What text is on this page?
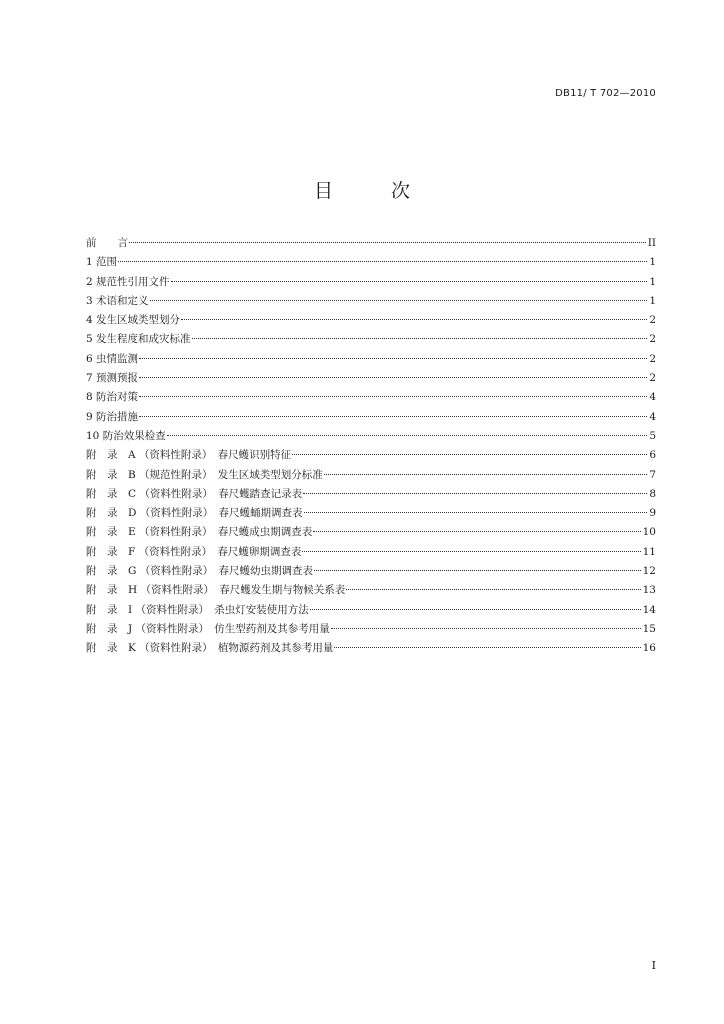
DB11/ T 702—2010
目 次
前　　言	II
1 范围	1
2 规范性引用文件	1
3 术语和定义	1
4 发生区域类型划分	2
5 发生程度和成灾标准	2
6 虫情监测	2
7 预测预报	2
8 防治对策	4
9 防治措施	4
10 防治效果检查	5
附　录　A （资料性附录）　春尺蠖识别特征	6
附　录　B （规范性附录）　发生区域类型划分标准	7
附　录　C （资料性附录）　春尺蠖踏查记录表	8
附　录　D （资料性附录）　春尺蠖蛹期调查表	9
附　录　E （资料性附录）　春尺蠖成虫期调查表	10
附　录　F （资料性附录）　春尺蠖卵期调查表	11
附　录　G （资料性附录）　春尺蠖幼虫期调查表	12
附　录　H （资料性附录）　春尺蠖发生期与物候关系表	13
附　录　I （资料性附录）　杀虫灯安装使用方法	14
附　录　J （资料性附录）　仿生型药剂及其参考用量	15
附　录　K （资料性附录）　植物源药剂及其参考用量	16
I
